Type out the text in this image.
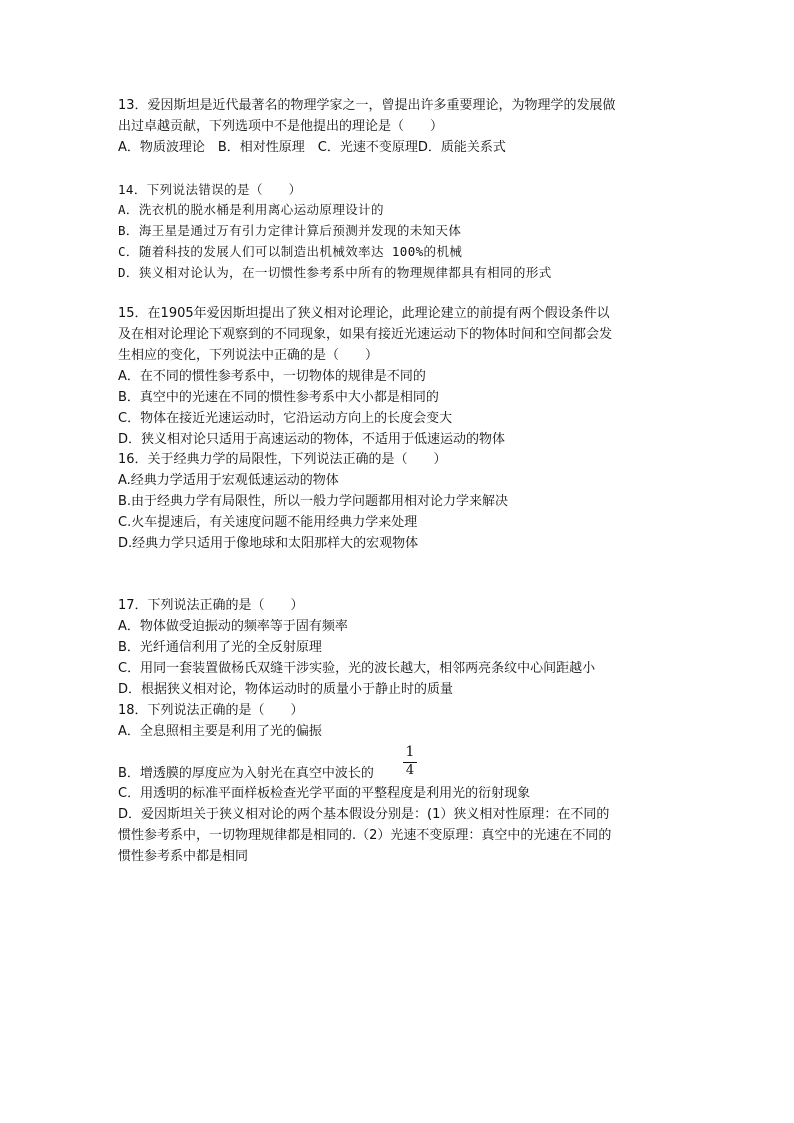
13．爱因斯坦是近代最著名的物理学家之一，曾提出许多重要理论，为物理学的发展做
出过卓越贡献，下列选项中不是他提出的理论是（　　）
A．物质波理论　B．相对性原理　C．光速不变原理D．质能关系式
14．下列说法错误的是（　　）
A．洗衣机的脱水桶是利用离心运动原理设计的
B．海王星是通过万有引力定律计算后预测并发现的未知天体
C．随着科技的发展人们可以制造出机械效率达 100%的机械
D．狭义相对论认为，在一切惯性参考系中所有的物理规律都具有相同的形式
15．在1905年爱因斯坦提出了狭义相对论理论，此理论建立的前提有两个假设条件以
及在相对论理论下观察到的不同现象，如果有接近光速运动下的物体时间和空间都会发
生相应的变化，下列说法中正确的是（　　）
A．在不同的惯性参考系中，一切物体的规律是不同的
B．真空中的光速在不同的惯性参考系中大小都是相同的
C．物体在接近光速运动时，它沿运动方向上的长度会变大
D．狭义相对论只适用于高速运动的物体，不适用于低速运动的物体
16．关于经典力学的局限性，下列说法正确的是（　　）
A.经典力学适用于宏观低速运动的物体
B.由于经典力学有局限性，所以一般力学问题都用相对论力学来解决
C.火车提速后，有关速度问题不能用经典力学来处理
D.经典力学只适用于像地球和太阳那样大的宏观物体
17．下列说法正确的是（　　）
A．物体做受迫振动的频率等于固有频率
B．光纤通信利用了光的全反射原理
C．用同一套装置做杨氏双缝干涉实验，光的波长越大，相邻两亮条纹中心间距越小
D．根据狭义相对论，物体运动时的质量小于静止时的质量
18．下列说法正确的是（　　）
A．全息照相主要是利用了光的偏振
1
4
B．增透膜的厚度应为入射光在真空中波长的
C．用透明的标准平面样板检查光学平面的平整程度是利用光的衍射现象
D．爱因斯坦关于狭义相对论的两个基本假设分别是：(1）狭义相对性原理：在不同的
惯性参考系中，一切物理规律都是相同的.（2）光速不变原理：真空中的光速在不同的
惯性参考系中都是相同
